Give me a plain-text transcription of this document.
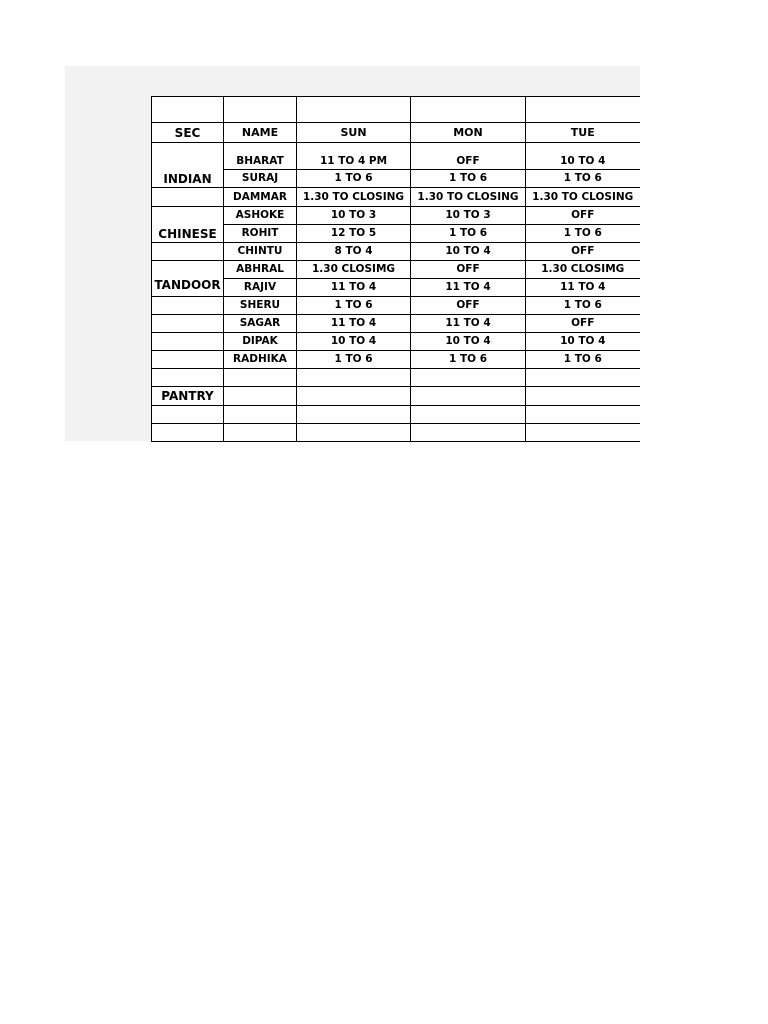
SEC	NAME	SUN	MON	TUE
INDIAN	BHARAT	11 TO 4 PM	OFF	10 TO 4
	SURAJ	1 TO 6	1 TO 6	1 TO 6
	DAMMAR	1.30 TO CLOSING	1.30 TO CLOSING	1.30 TO CLOSING
CHINESE	ASHOKE	10 TO 3	10 TO 3	OFF
	ROHIT	12 TO 5	1 TO 6	1 TO 6
	CHINTU	8 TO 4	10 TO 4	OFF
TANDOOR	ABHRAL	1.30 CLOSIMG	OFF	1.30 CLOSIMG
	RAJIV	11 TO 4	11 TO 4	11 TO 4
	SHERU	1 TO 6	OFF	1 TO 6
	SAGAR	11 TO 4	11 TO 4	OFF
	DIPAK	10 TO 4	10 TO 4	10 TO 4
	RADHIKA	1 TO 6	1 TO 6	1 TO 6

PANTRY				
